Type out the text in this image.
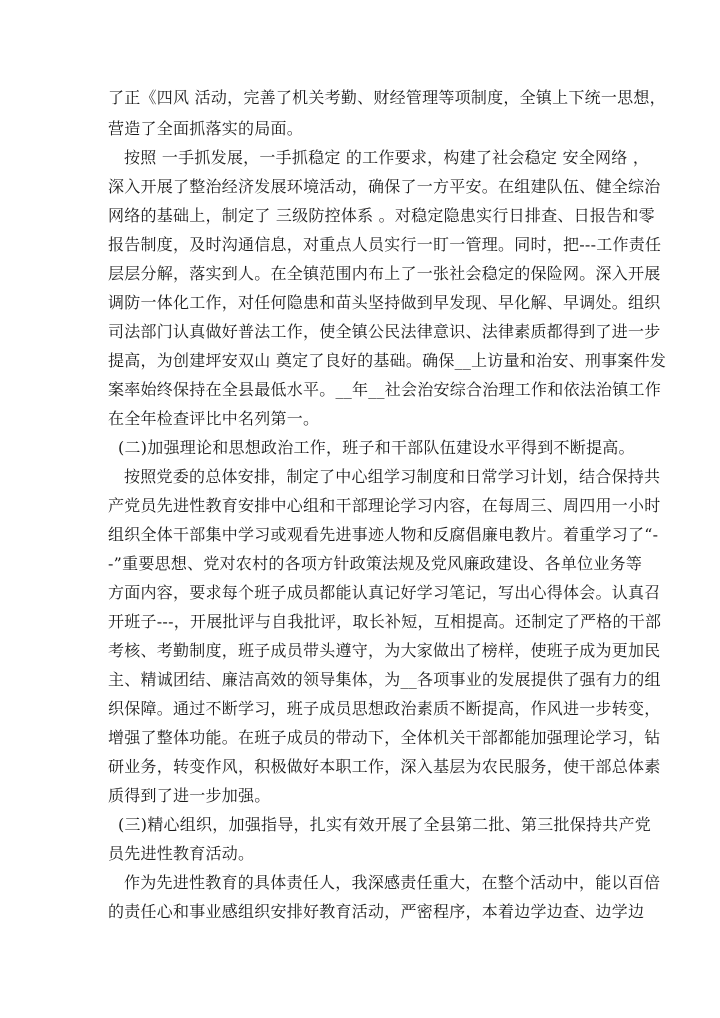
了正《四风 活动，完善了机关考勤、财经管理等项制度，全镇上下统一思想，
营造了全面抓落实的局面。
按照 一手抓发展，一手抓稳定 的工作要求，构建了社会稳定 安全网络 ，
深入开展了整治经济发展环境活动，确保了一方平安。在组建队伍、健全综治
网络的基础上，制定了 三级防控体系 。对稳定隐患实行日排查、日报告和零
报告制度，及时沟通信息，对重点人员实行一盯一管理。同时，把---工作责任
层层分解，落实到人。在全镇范围内布上了一张社会稳定的保险网。深入开展
调防一体化工作，对任何隐患和苗头坚持做到早发现、早化解、早调处。组织
司法部门认真做好普法工作，使全镇公民法律意识、法律素质都得到了进一步
提高，为创建坪安双山 奠定了良好的基础。确保__上访量和治安、刑事案件发
案率始终保持在全县最低水平。__年__社会治安综合治理工作和依法治镇工作
在全年检查评比中名列第一。
(二)加强理论和思想政治工作，班子和干部队伍建设水平得到不断提高。
按照党委的总体安排，制定了中心组学习制度和日常学习计划，结合保持共
产党员先进性教育安排中心组和干部理论学习内容，在每周三、周四用一小时
组织全体干部集中学习或观看先进事迹人物和反腐倡廉电教片。着重学习了“-
-”重要思想、党对农村的各项方针政策法规及党风廉政建设、各单位业务等
方面内容，要求每个班子成员都能认真记好学习笔记，写出心得体会。认真召
开班子---，开展批评与自我批评，取长补短，互相提高。还制定了严格的干部
考核、考勤制度，班子成员带头遵守，为大家做出了榜样，使班子成为更加民
主、精诚团结、廉洁高效的领导集体，为__各项事业的发展提供了强有力的组
织保障。通过不断学习，班子成员思想政治素质不断提高，作风进一步转变，
增强了整体功能。在班子成员的带动下，全体机关干部都能加强理论学习，钻
研业务，转变作风，积极做好本职工作，深入基层为农民服务，使干部总体素
质得到了进一步加强。
(三)精心组织，加强指导，扎实有效开展了全县第二批、第三批保持共产党
员先进性教育活动。
作为先进性教育的具体责任人，我深感责任重大，在整个活动中，能以百倍
的责任心和事业感组织安排好教育活动，严密程序，本着边学边查、边学边
